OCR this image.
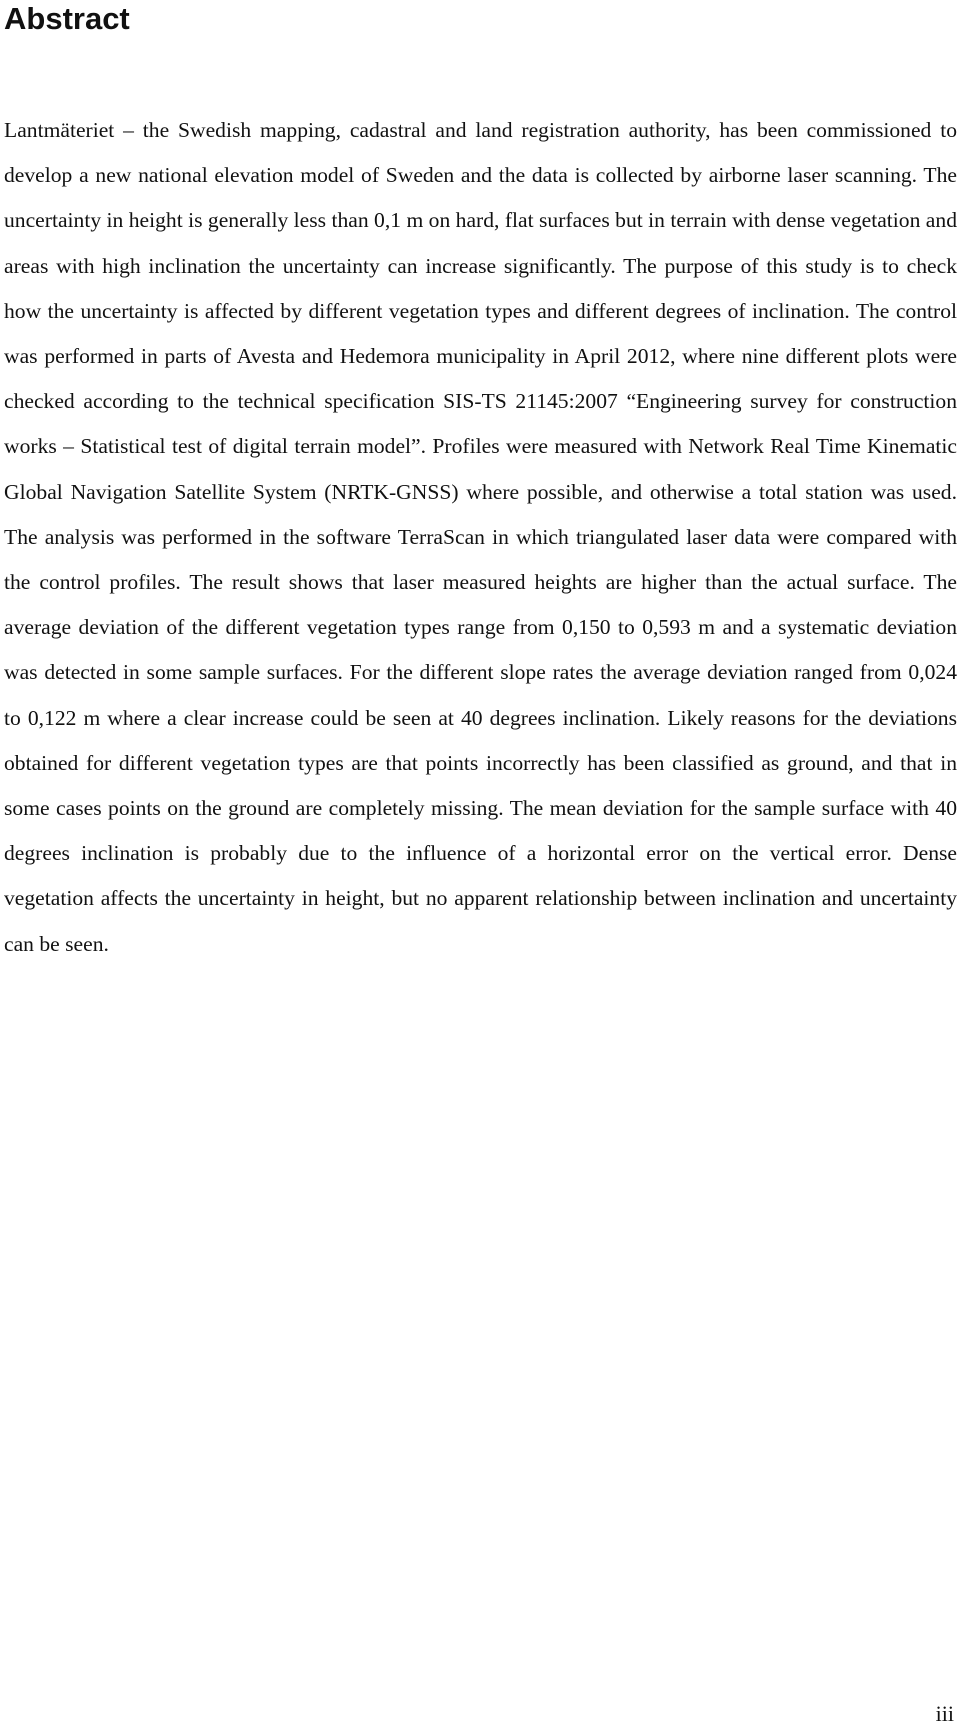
Abstract

Lantmäteriet – the Swedish mapping, cadastral and land registration authority, has been commissioned to develop a new national elevation model of Sweden and the data is collected by airborne laser scanning. The uncertainty in height is generally less than 0,1 m on hard, flat surfaces but in terrain with dense vegetation and areas with high inclination the uncertainty can increase significantly. The purpose of this study is to check how the uncertainty is affected by different vegetation types and different degrees of inclination. The control was performed in parts of Avesta and Hedemora municipality in April 2012, where nine different plots were checked according to the technical specification SIS-TS 21145:2007 “Engineering survey for construction works – Statistical test of digital terrain model”. Profiles were measured with Network Real Time Kinematic Global Navigation Satellite System (NRTK-GNSS) where possible, and otherwise a total station was used. The analysis was performed in the software TerraScan in which triangulated laser data were compared with the control profiles. The result shows that laser measured heights are higher than the actual surface. The average deviation of the different vegetation types range from 0,150 to 0,593 m and a systematic deviation was detected in some sample surfaces. For the different slope rates the average deviation ranged from 0,024 to 0,122 m where a clear increase could be seen at 40 degrees inclination. Likely reasons for the deviations obtained for different vegetation types are that points incorrectly has been classified as ground, and that in some cases points on the ground are completely missing. The mean deviation for the sample surface with 40 degrees inclination is probably due to the influence of a horizontal error on the vertical error. Dense vegetation affects the uncertainty in height, but no apparent relationship between inclination and uncertainty can be seen.

iii
